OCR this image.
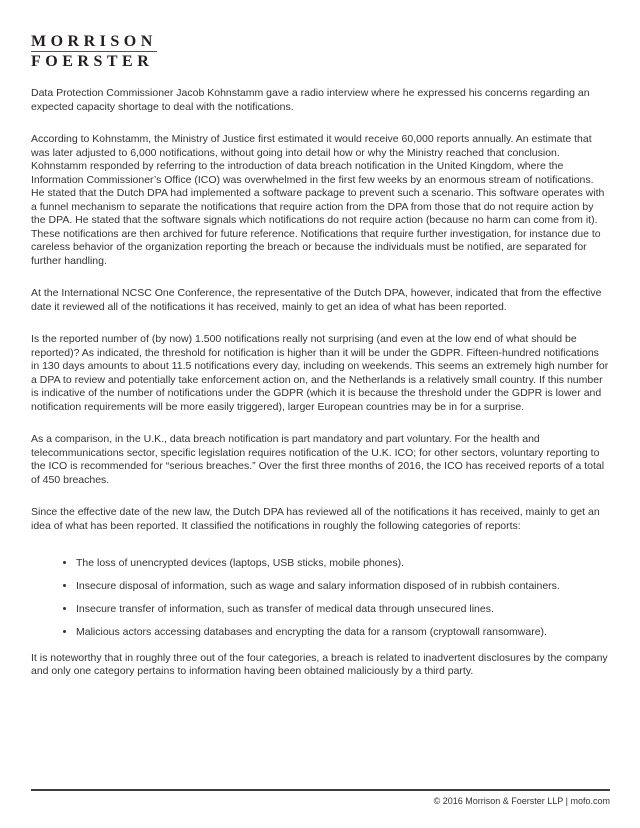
MORRISON
FOERSTER

Data Protection Commissioner Jacob Kohnstamm gave a radio interview where he expressed his concerns regarding an expected capacity shortage to deal with the notifications.

According to Kohnstamm, the Ministry of Justice first estimated it would receive 60,000 reports annually. An estimate that was later adjusted to 6,000 notifications, without going into detail how or why the Ministry reached that conclusion. Kohnstamm responded by referring to the introduction of data breach notification in the United Kingdom, where the Information Commissioner’s Office (ICO) was overwhelmed in the first few weeks by an enormous stream of notifications. He stated that the Dutch DPA had implemented a software package to prevent such a scenario. This software operates with a funnel mechanism to separate the notifications that require action from the DPA from those that do not require action by the DPA. He stated that the software signals which notifications do not require action (because no harm can come from it). These notifications are then archived for future reference. Notifications that require further investigation, for instance due to careless behavior of the organization reporting the breach or because the individuals must be notified, are separated for further handling.

At the International NCSC One Conference, the representative of the Dutch DPA, however, indicated that from the effective date it reviewed all of the notifications it has received, mainly to get an idea of what has been reported.

Is the reported number of (by now) 1.500 notifications really not surprising (and even at the low end of what should be reported)? As indicated, the threshold for notification is higher than it will be under the GDPR. Fifteen-hundred notifications in 130 days amounts to about 11.5 notifications every day, including on weekends. This seems an extremely high number for a DPA to review and potentially take enforcement action on, and the Netherlands is a relatively small country. If this number is indicative of the number of notifications under the GDPR (which it is because the threshold under the GDPR is lower and notification requirements will be more easily triggered), larger European countries may be in for a surprise.

As a comparison, in the U.K., data breach notification is part mandatory and part voluntary. For the health and telecommunications sector, specific legislation requires notification of the U.K. ICO; for other sectors, voluntary reporting to the ICO is recommended for “serious breaches.” Over the first three months of 2016, the ICO has received reports of a total of 450 breaches.

Since the effective date of the new law, the Dutch DPA has reviewed all of the notifications it has received, mainly to get an idea of what has been reported. It classified the notifications in roughly the following categories of reports:

• The loss of unencrypted devices (laptops, USB sticks, mobile phones).
• Insecure disposal of information, such as wage and salary information disposed of in rubbish containers.
• Insecure transfer of information, such as transfer of medical data through unsecured lines.
• Malicious actors accessing databases and encrypting the data for a ransom (cryptowall ransomware).

It is noteworthy that in roughly three out of the four categories, a breach is related to inadvertent disclosures by the company and only one category pertains to information having been obtained maliciously by a third party.

© 2016 Morrison & Foerster LLP | mofo.com
